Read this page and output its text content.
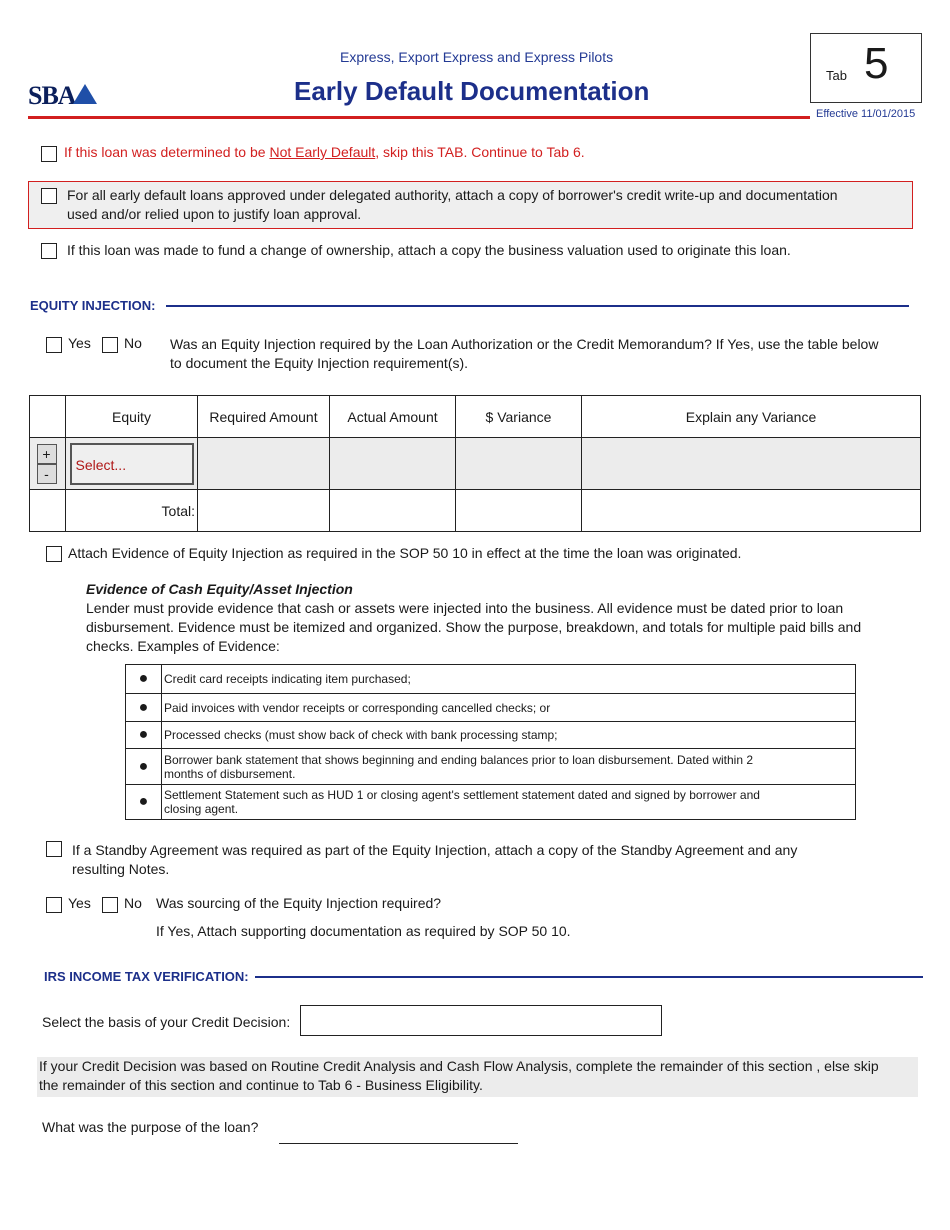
SBA
Express, Export Express and Express Pilots
Early Default Documentation
Tab 5
Effective 11/01/2015
If this loan was determined to be Not Early Default, skip this TAB. Continue to Tab 6.
For all early default loans approved under delegated authority, attach a copy of borrower's credit write-up and documentation
used and/or relied upon to justify loan approval.
If this loan was made to fund a change of ownership, attach a copy the business valuation used to originate this loan.
EQUITY INJECTION:
Yes No Was an Equity Injection required by the Loan Authorization or the Credit Memorandum? If Yes, use the table below
to document the Equity Injection requirement(s).
	Equity	Required Amount	Actual Amount	$ Variance	Explain any Variance

+
-	Select...				
	Total:				
Attach Evidence of Equity Injection as required in the SOP 50 10 in effect at the time the loan was originated.
Evidence of Cash Equity/Asset Injection
Lender must provide evidence that cash or assets were injected into the business. All evidence must be dated prior to loan
disbursement. Evidence must be itemized and organized. Show the purpose, breakdown, and totals for multiple paid bills and
checks. Examples of Evidence:
●	Credit card receipts indicating item purchased;
●	Paid invoices with vendor receipts or corresponding cancelled checks; or
●	Processed checks (must show back of check with bank processing stamp;
●	Borrower bank statement that shows beginning and ending balances prior to loan disbursement. Dated within 2
months of disbursement.
●	Settlement Statement such as HUD 1 or closing agent's settlement statement dated and signed by borrower and
closing agent.
If a Standby Agreement was required as part of the Equity Injection, attach a copy of the Standby Agreement and any
resulting Notes.
Yes No Was sourcing of the Equity Injection required?
If Yes, Attach supporting documentation as required by SOP 50 10.
IRS INCOME TAX VERIFICATION:
Select the basis of your Credit Decision:
If your Credit Decision was based on Routine Credit Analysis and Cash Flow Analysis, complete the remainder of this section , else skip
the remainder of this section and continue to Tab 6 - Business Eligibility.
What was the purpose of the loan?
